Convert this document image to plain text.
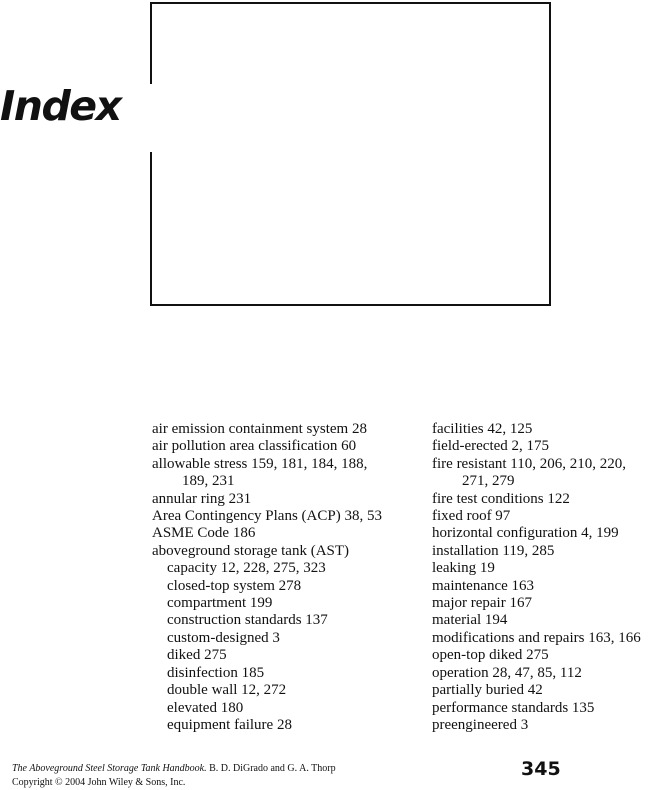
Index
air emission containment system 28
air pollution area classification 60
allowable stress 159, 181, 184, 188,
189, 231
annular ring 231
Area Contingency Plans (ACP) 38, 53
ASME Code 186
aboveground storage tank (AST)
capacity 12, 228, 275, 323
closed-top system 278
compartment 199
construction standards 137
custom-designed 3
diked 275
disinfection 185
double wall 12, 272
elevated 180
equipment failure 28
facilities 42, 125
field-erected 2, 175
fire resistant 110, 206, 210, 220,
271, 279
fire test conditions 122
fixed roof 97
horizontal configuration 4, 199
installation 119, 285
leaking 19
maintenance 163
major repair 167
material 194
modifications and repairs 163, 166
open-top diked 275
operation 28, 47, 85, 112
partially buried 42
performance standards 135
preengineered 3
The Aboveground Steel Storage Tank Handbook. B. D. DiGrado and G. A. Thorp
Copyright © 2004 John Wiley & Sons, Inc.
345
